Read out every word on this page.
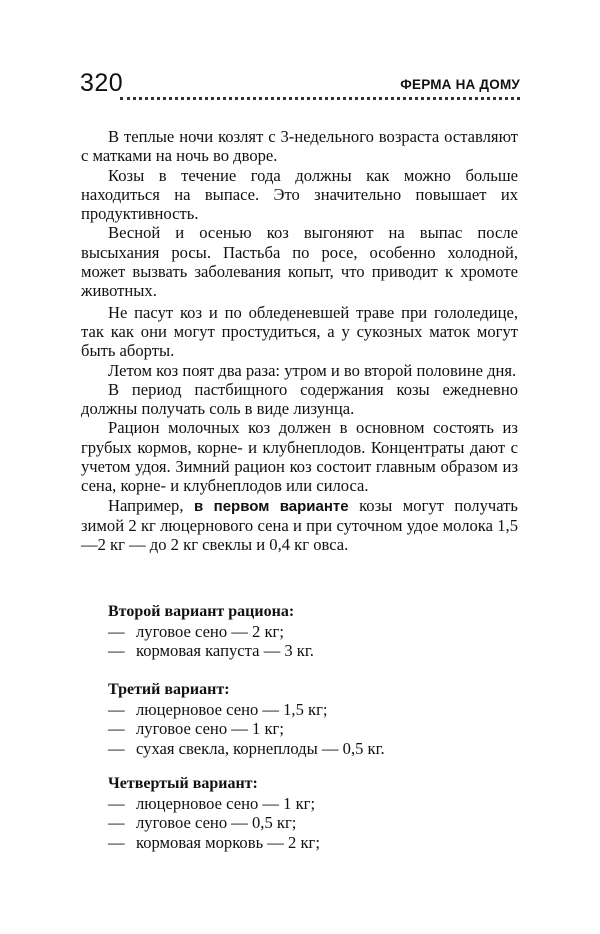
320	ФЕРМА НА ДОМУ

В теплые ночи козлят с 3-недельного возраста оставляют с матками на ночь во дворе.

Козы в течение года должны как можно больше находиться на выпасе. Это значительно повышает их продуктивность.

Весной и осенью коз выгоняют на выпас после высыхания росы. Пастьба по росе, особенно холодной, может вызвать заболевания копыт, что приводит к хромоте животных.

Не пасут коз и по обледеневшей траве при гололедице, так как они могут простудиться, а у сукозных маток могут быть аборты.

Летом коз поят два раза: утром и во второй половине дня.

В период пастбищного содержания козы ежедневно должны получать соль в виде лизунца.

Рацион молочных коз должен в основном состоять из грубых кормов, корне- и клубнеплодов. Концентраты дают с учетом удоя. Зимний рацион коз состоит главным образом из сена, корне- и клубнеплодов или силоса.

Например, в первом варианте козы могут получать зимой 2 кг люцернового сена и при суточном удое молока 1,5—2 кг — до 2 кг свеклы и 0,4 кг овса.

Второй вариант рациона:

— луговое сено — 2 кг;
— кормовая капуста — 3 кг.

Третий вариант:

— люцерновое сено — 1,5 кг;
— луговое сено — 1 кг;
— сухая свекла, корнеплоды — 0,5 кг.

Четвертый вариант:

— люцерновое сено — 1 кг;
— луговое сено — 0,5 кг;
— кормовая морковь — 2 кг;
